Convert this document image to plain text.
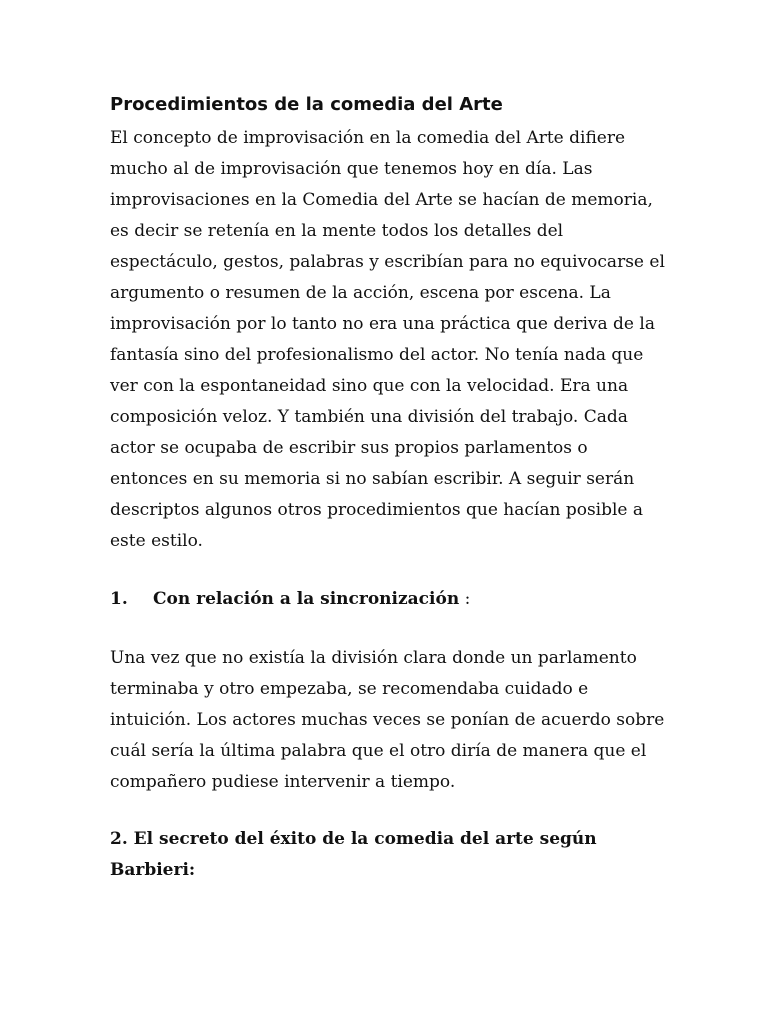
Procedimientos de la comedia del Arte

El concepto de improvisación en la comedia del Arte difiere

mucho al de improvisación que tenemos hoy en día. Las

improvisaciones en la Comedia del Arte se hacían de memoria,

es decir se retenía en la mente todos los detalles del

espectáculo, gestos, palabras y escribían para no equivocarse el

argumento o resumen de la acción, escena por escena. La

improvisación por lo tanto no era una práctica que deriva de la

fantasía sino del profesionalismo del actor. No tenía nada que

ver con la espontaneidad sino que con la velocidad. Era una

composición veloz. Y también una división del trabajo. Cada

actor se ocupaba de escribir sus propios parlamentos o

entonces en su memoria si no sabían escribir. A seguir serán

descriptos algunos otros procedimientos que hacían posible a

este estilo.

1. Con relación a la sincronización :

Una vez que no existía la división clara donde un parlamento

terminaba y otro empezaba, se recomendaba cuidado e

intuición. Los actores muchas veces se ponían de acuerdo sobre

cuál sería la última palabra que el otro diría de manera que el

compañero pudiese intervenir a tiempo.

2. El secreto del éxito de la comedia del arte según

Barbieri:
